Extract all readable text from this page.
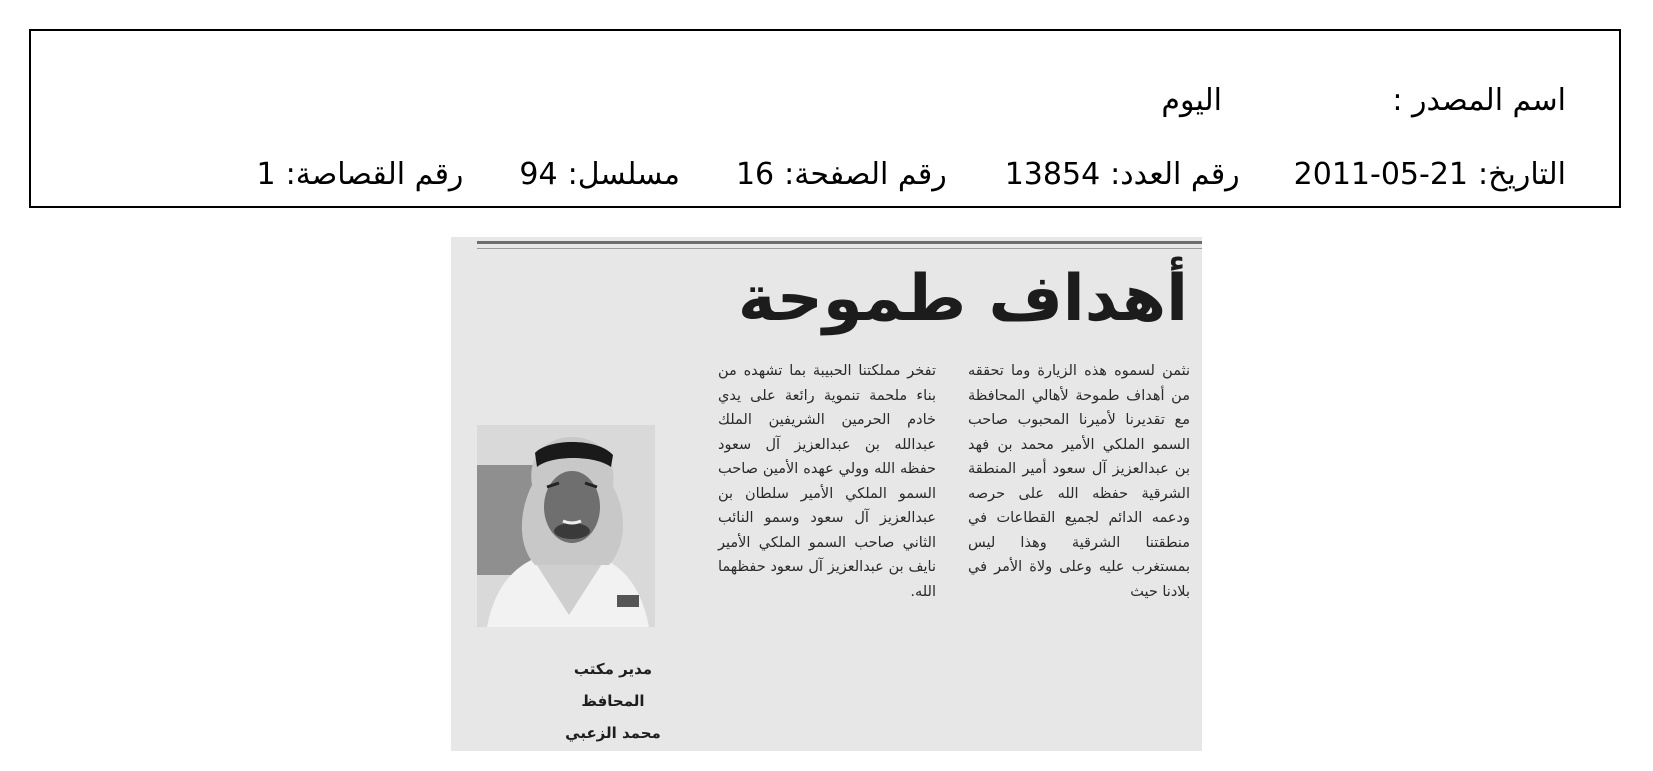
اسم المصدر :
اليوم
التاريخ:
2011-05-21
رقم العدد:
13854
رقم الصفحة:
16
مسلسل:
94
رقم القصاصة:
1
أهداف طموحة

نثمن لسموه هذه الزيارة وما تحققه من أهداف طموحة لأهالي المحافظة مع تقديرنا لأميرنا المحبوب صاحب السمو الملكي الأمير محمد بن فهد بن عبدالعزيز آل سعود أمير المنطقة الشرقية حفظه الله على حرصه ودعمه الدائم لجميع القطاعات في منطقتنا الشرقية وهذا ليس بمستغرب عليه وعلى ولاة الأمر في بلادنا حيث

تفخر مملكتنا الحبيبة بما تشهده من بناء ملحمة تنموية رائعة على يدي خادم الحرمين الشريفين الملك عبدالله بن عبدالعزيز آل سعود حفظه الله وولي عهده الأمين صاحب السمو الملكي الأمير سلطان بن عبدالعزيز آل سعود وسمو النائب الثاني صاحب السمو الملكي الأمير نايف بن عبدالعزيز آل سعود حفظهما الله.

مدير مكتب المحافظ
محمد الزعبي
